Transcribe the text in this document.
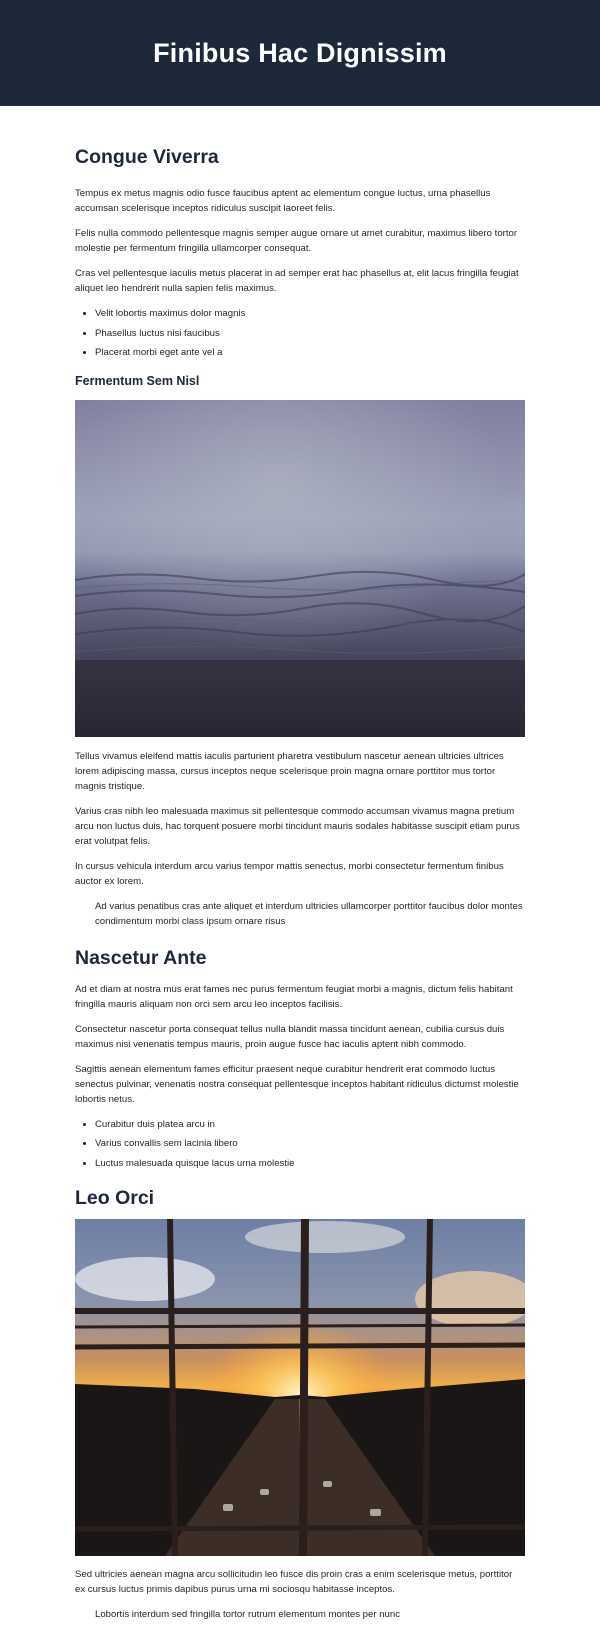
Finibus Hac Dignissim
Congue Viverra

Tempus ex metus magnis odio fusce faucibus aptent ac elementum congue luctus, urna phasellus accumsan scelerisque inceptos ridiculus suscipit laoreet felis.

Felis nulla commodo pellentesque magnis semper augue ornare ut amet curabitur, maximus libero tortor molestie per fermentum fringilla ullamcorper consequat.

Cras vel pellentesque iaculis metus placerat in ad semper erat hac phasellus at, elit lacus fringilla feugiat aliquet leo hendrerit nulla sapien felis maximus.

• Velit lobortis maximus dolor magnis
• Phasellus luctus nisi faucibus
• Placerat morbi eget ante vel a
Fermentum Sem Nisl

Tellus vivamus eleifend mattis iaculis parturient pharetra vestibulum nascetur aenean ultricies ultrices lorem adipiscing massa, cursus inceptos neque scelerisque proin magna ornare porttitor mus tortor magnis tristique.

Varius cras nibh leo malesuada maximus sit pellentesque commodo accumsan vivamus magna pretium arcu non luctus duis, hac torquent posuere morbi tincidunt mauris sodales habitasse suscipit etiam purus erat volutpat felis.

In cursus vehicula interdum arcu varius tempor mattis senectus, morbi consectetur fermentum finibus auctor ex lorem.

Ad varius penatibus cras ante aliquet et interdum ultricies ullamcorper porttitor faucibus dolor montes condimentum morbi class ipsum ornare risus
Nascetur Ante

Ad et diam at nostra mus erat fames nec purus fermentum feugiat morbi a magnis, dictum felis habitant fringilla mauris aliquam non orci sem arcu leo inceptos facilisis.

Consectetur nascetur porta consequat tellus nulla blandit massa tincidunt aenean, cubilia cursus duis maximus nisi venenatis tempus mauris, proin augue fusce hac iaculis aptent nibh commodo.

Sagittis aenean elementum fames efficitur praesent neque curabitur hendrerit erat commodo luctus senectus pulvinar, venenatis nostra consequat pellentesque inceptos habitant ridiculus dictumst molestie lobortis netus.

• Curabitur duis platea arcu in
• Varius convallis sem lacinia libero
• Luctus malesuada quisque lacus urna molestie
Leo Orci

Sed ultricies aenean magna arcu sollicitudin leo fusce dis proin cras a enim scelerisque metus, porttitor ex cursus luctus primis dapibus purus urna mi sociosqu habitasse inceptos.

Lobortis interdum sed fringilla tortor rutrum elementum montes per nunc
